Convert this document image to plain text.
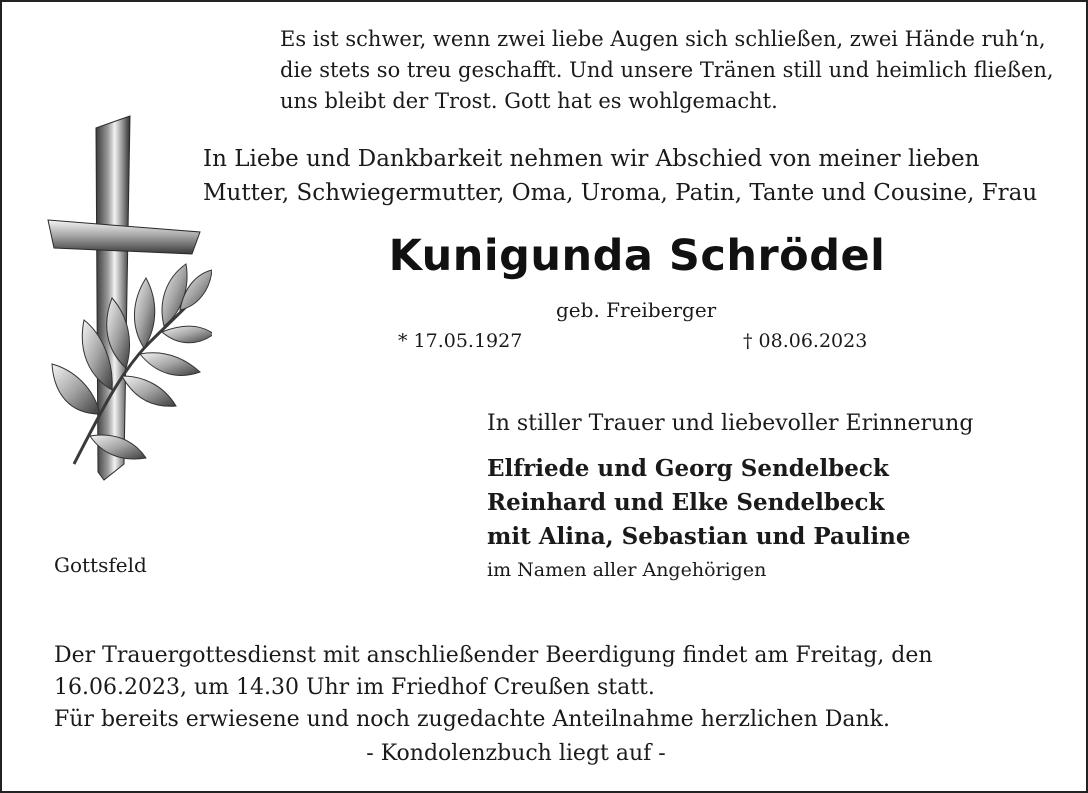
Es ist schwer, wenn zwei liebe Augen sich schließen, zwei Hände ruh‘n,
die stets so treu geschafft. Und unsere Tränen still und heimlich fließen,
uns bleibt der Trost. Gott hat es wohlgemacht.
In Liebe und Dankbarkeit nehmen wir Abschied von meiner lieben
Mutter, Schwiegermutter, Oma, Uroma, Patin, Tante und Cousine, Frau
Kunigunda Schrödel
geb. Freiberger
* 17.05.1927	† 08.06.2023
In stiller Trauer und liebevoller Erinnerung
Elfriede und Georg Sendelbeck
Reinhard und Elke Sendelbeck
mit Alina, Sebastian und Pauline
im Namen aller Angehörigen
Gottsfeld
Der Trauergottesdienst mit anschließender Beerdigung findet am Freitag, den
16.06.2023, um 14.30 Uhr im Friedhof Creußen statt.
Für bereits erwiesene und noch zugedachte Anteilnahme herzlichen Dank.
- Kondolenzbuch liegt auf -
